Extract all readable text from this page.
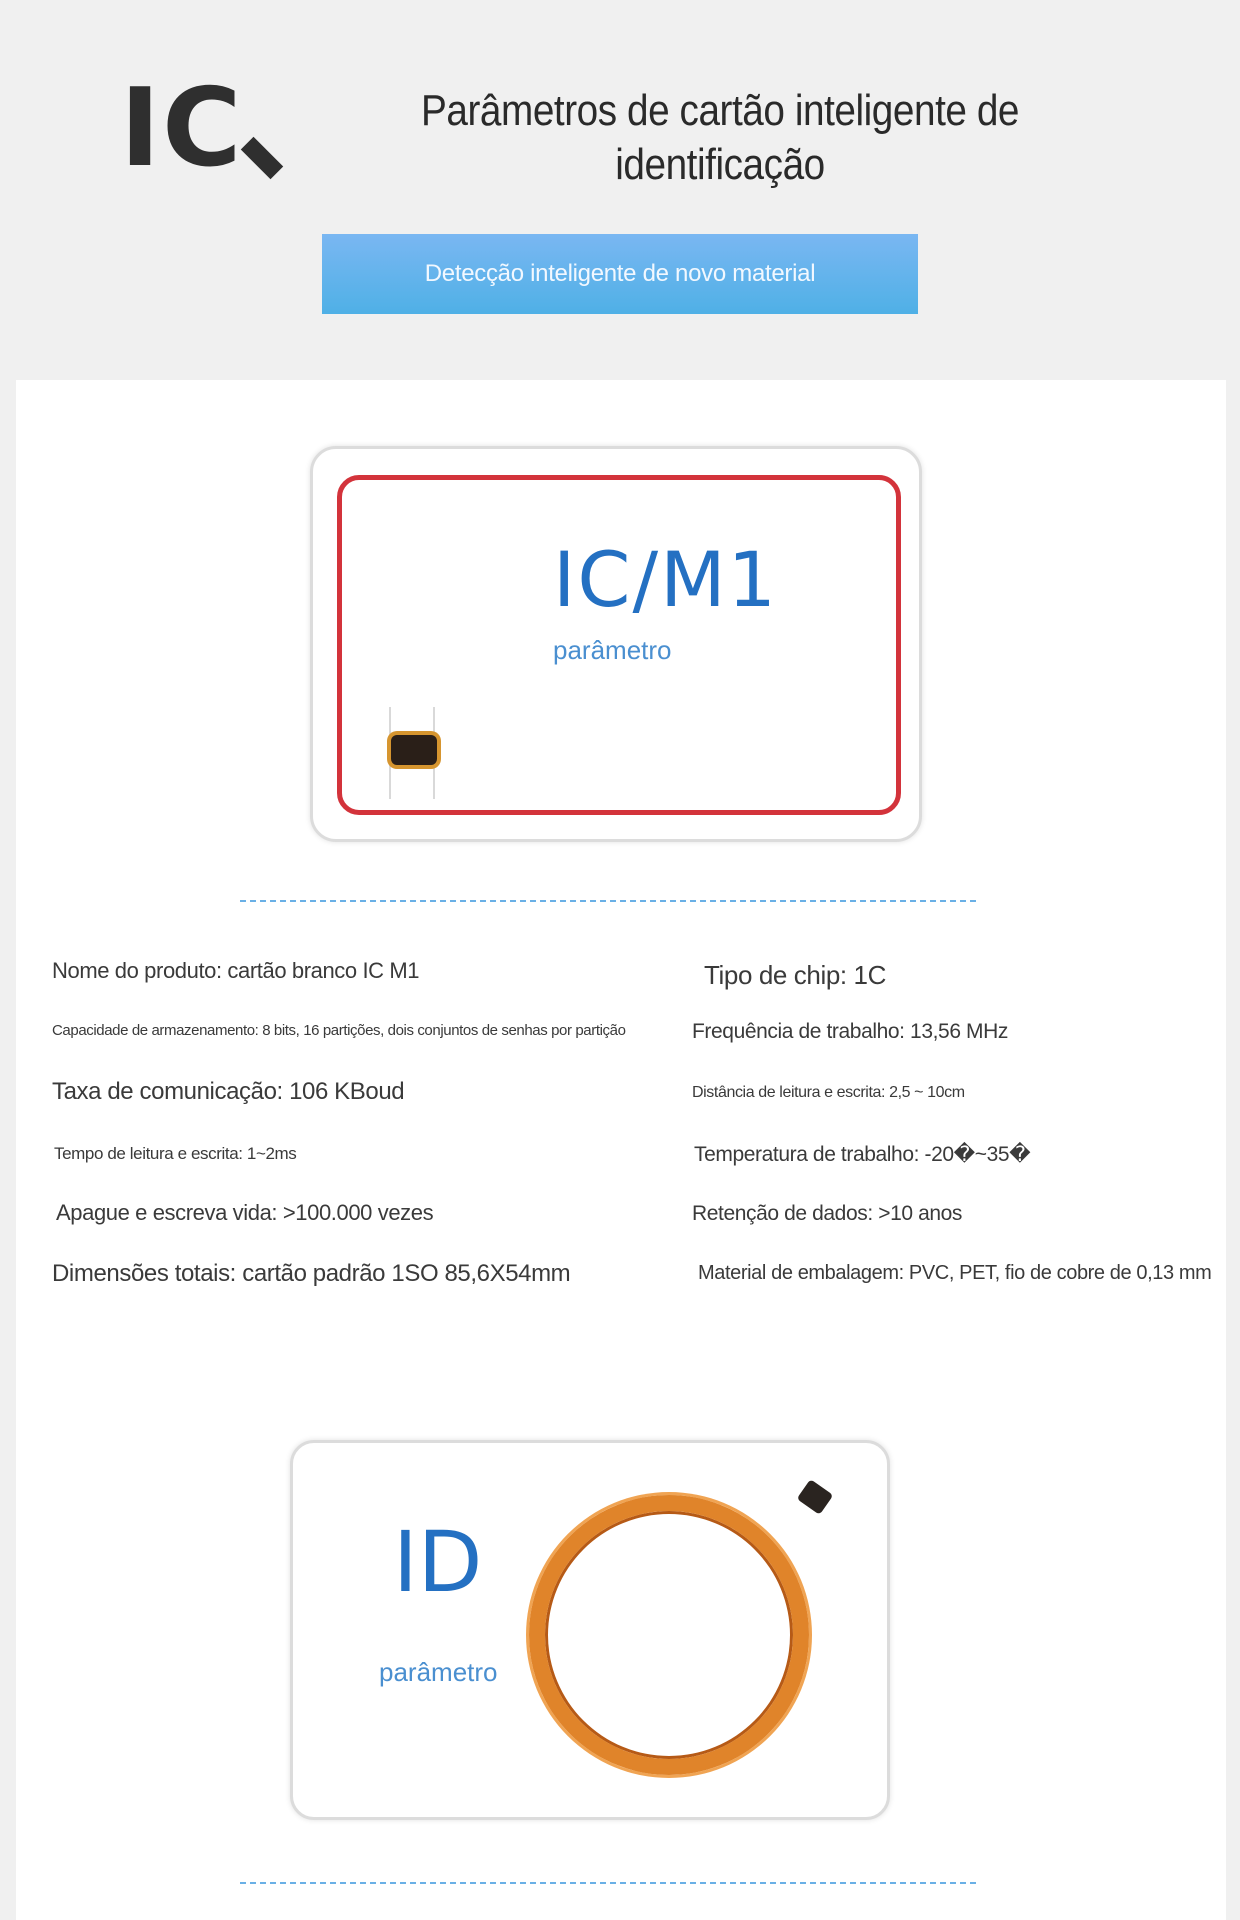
IC	Parâmetros de cartão inteligente de
identificação
Detecção inteligente de novo material
IC/M1
parâmetro
Nome do produto: cartão branco IC M1
Capacidade de armazenamento: 8 bits, 16 partições, dois conjuntos de senhas por partição
Taxa de comunicação: 106 KBoud
Tempo de leitura e escrita: 1~2ms
Apague e escreva vida: >100.000 vezes
Dimensões totais: cartão padrão 1SO 85,6X54mm
Tipo de chip: 1C
Frequência de trabalho: 13,56 MHz
Distância de leitura e escrita: 2,5 ~ 10cm
Temperatura de trabalho: -20�~35�
Retenção de dados: >10 anos
Material de embalagem: PVC, PET, fio de cobre de 0,13 mm
ID
parâmetro
